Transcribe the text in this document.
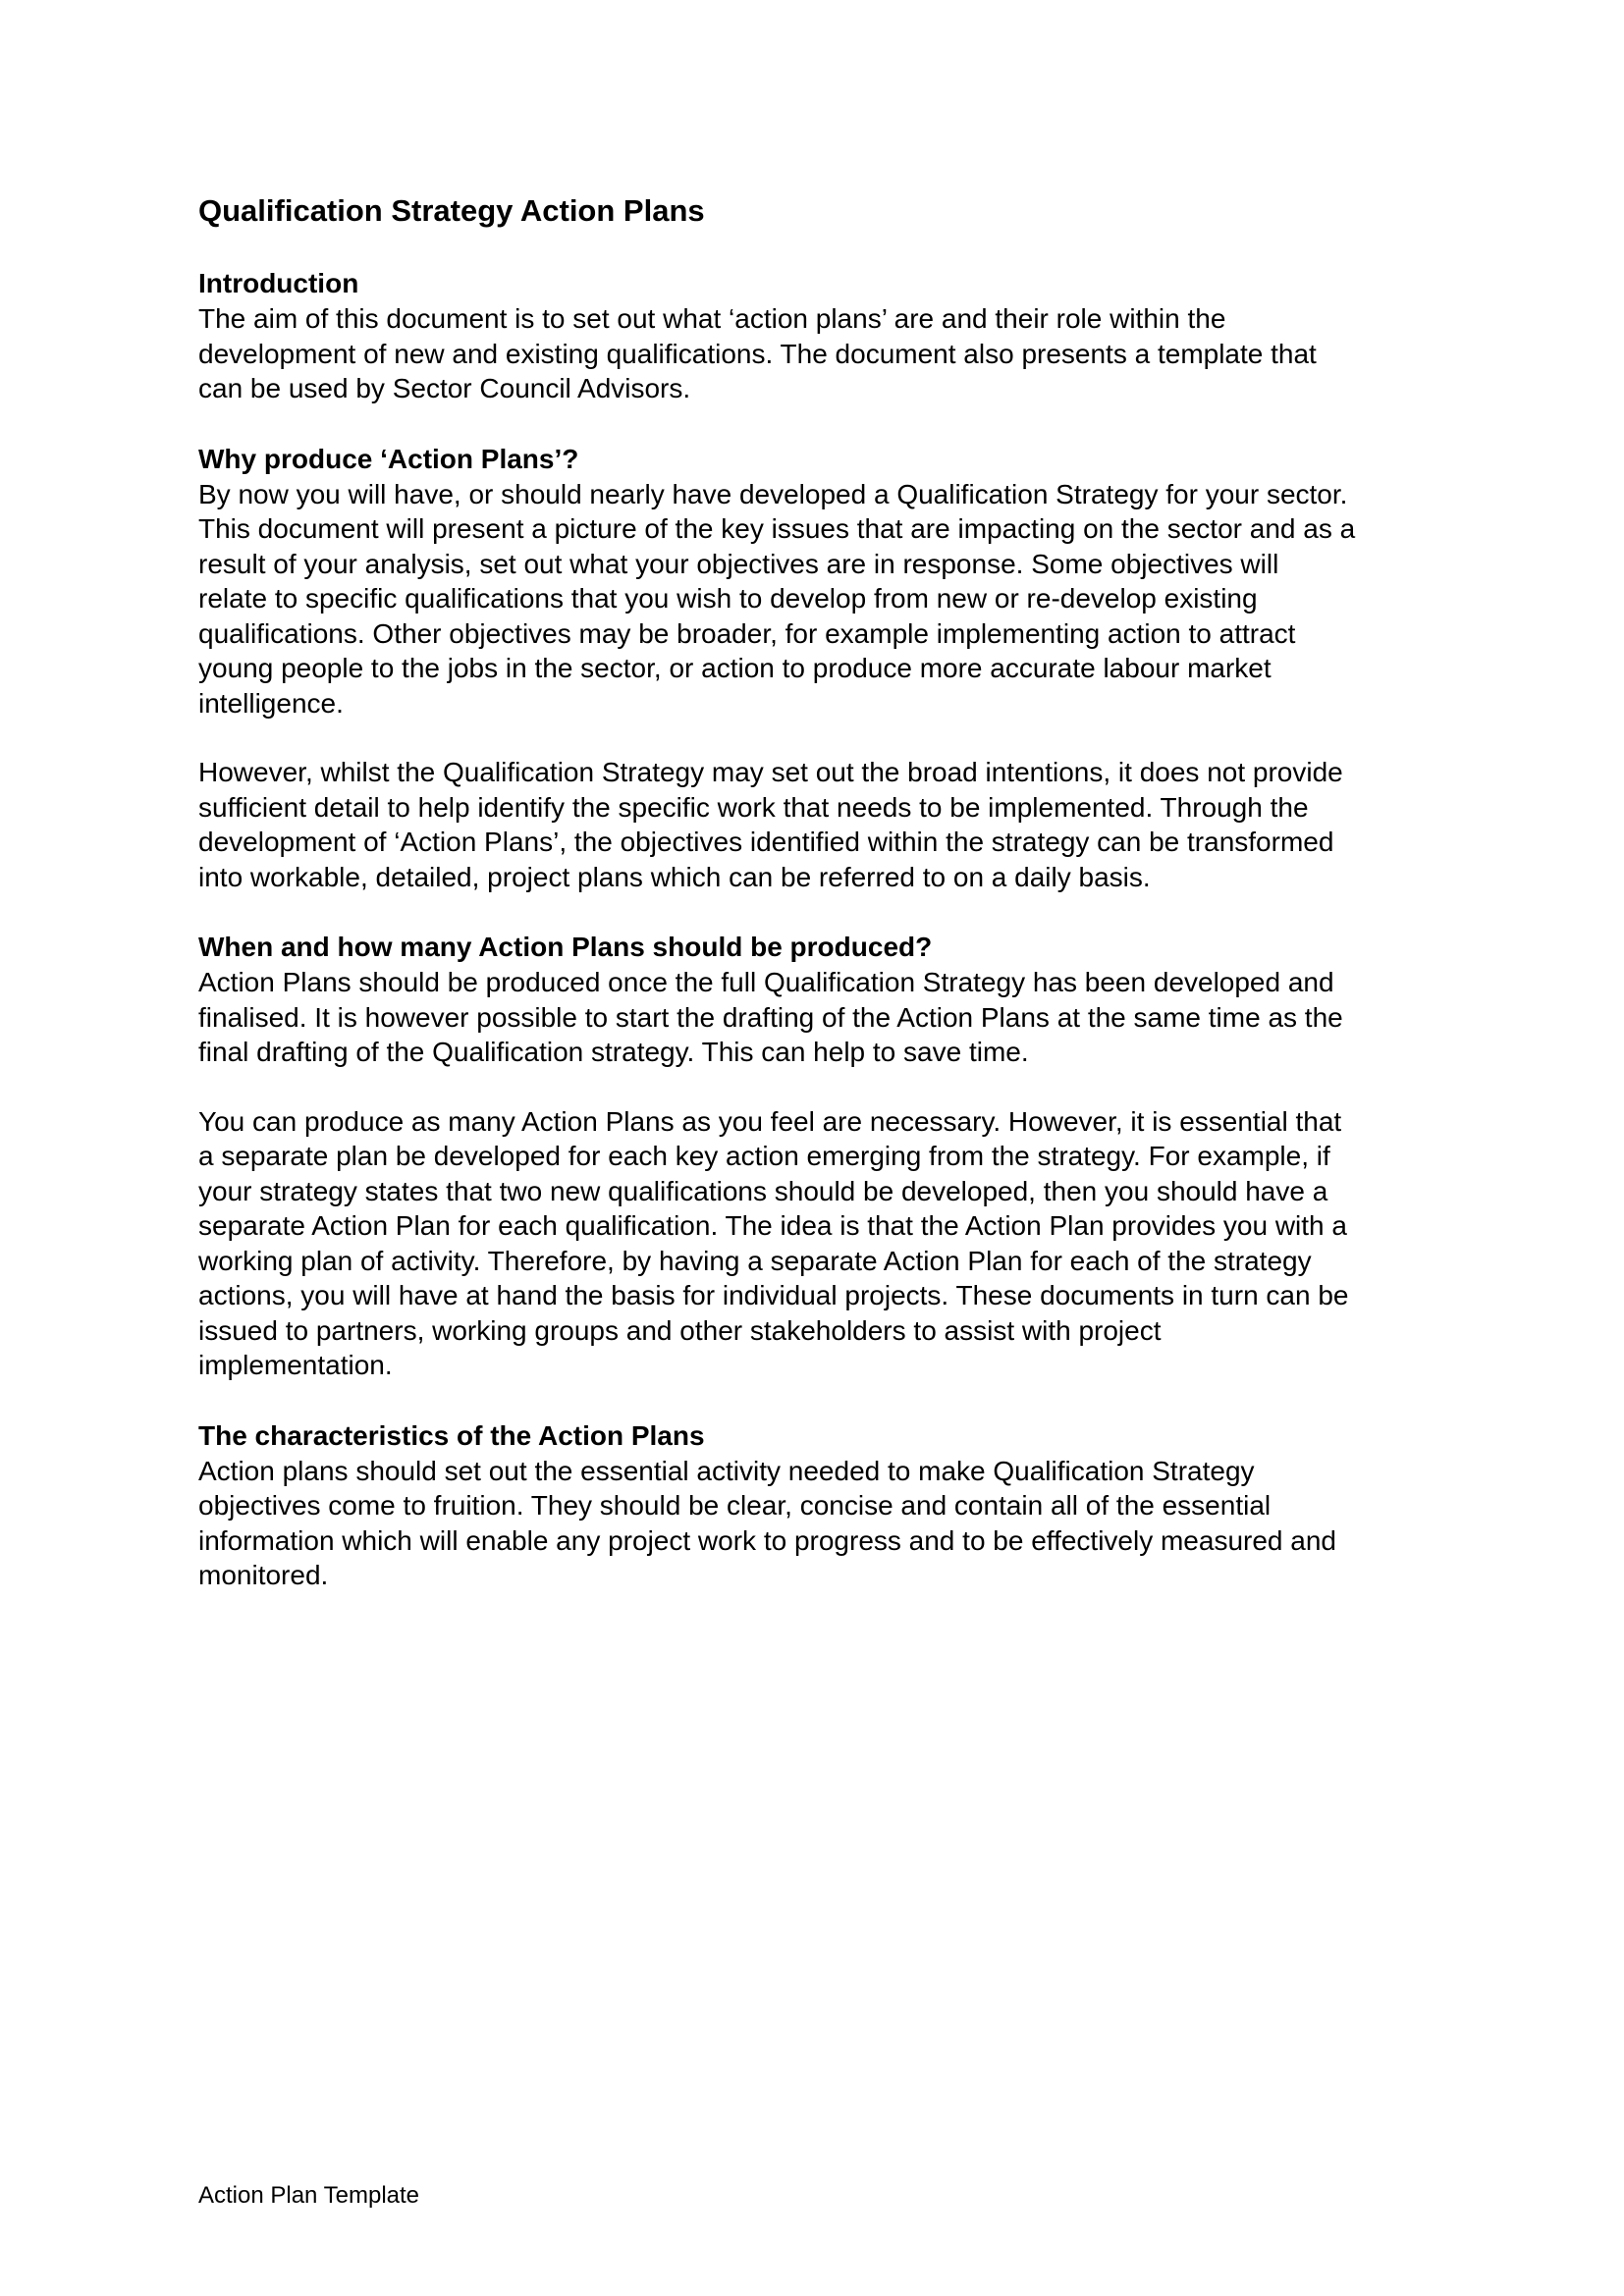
Qualification Strategy Action Plans
Introduction
The aim of this document is to set out what ‘action plans’ are and their role within the
development of new and existing qualifications. The document also presents a template that
can be used by Sector Council Advisors.
Why produce ‘Action Plans’?
By now you will have, or should nearly have developed a Qualification Strategy for your sector.
This document will present a picture of the key issues that are impacting on the sector and as a
result of your analysis, set out what your objectives are in response. Some objectives will
relate to specific qualifications that you wish to develop from new or re-develop existing
qualifications. Other objectives may be broader, for example implementing action to attract
young people to the jobs in the sector, or action to produce more accurate labour market
intelligence.
However, whilst the Qualification Strategy may set out the broad intentions, it does not provide
sufficient detail to help identify the specific work that needs to be implemented. Through the
development of ‘Action Plans’, the objectives identified within the strategy can be transformed
into workable, detailed, project plans which can be referred to on a daily basis.
When and how many Action Plans should be produced?
Action Plans should be produced once the full Qualification Strategy has been developed and
finalised. It is however possible to start the drafting of the Action Plans at the same time as the
final drafting of the Qualification strategy. This can help to save time.
You can produce as many Action Plans as you feel are necessary. However, it is essential that
a separate plan be developed for each key action emerging from the strategy. For example, if
your strategy states that two new qualifications should be developed, then you should have a
separate Action Plan for each qualification. The idea is that the Action Plan provides you with a
working plan of activity. Therefore, by having a separate Action Plan for each of the strategy
actions, you will have at hand the basis for individual projects. These documents in turn can be
issued to partners, working groups and other stakeholders to assist with project
implementation.
The characteristics of the Action Plans
Action plans should set out the essential activity needed to make Qualification Strategy
objectives come to fruition. They should be clear, concise and contain all of the essential
information which will enable any project work to progress and to be effectively measured and
monitored.
Action Plan Template
